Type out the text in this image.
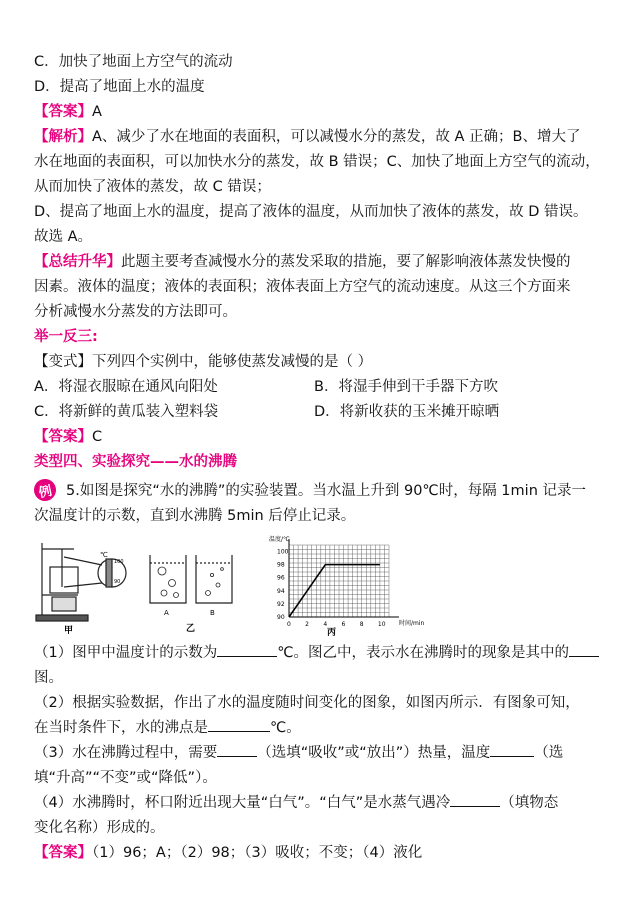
C．加快了地面上方空气的流动
D．提高了地面上水的温度
【答案】A
【解析】A、减少了水在地面的表面积，可以减慢水分的蒸发，故 A 正确；B、增大了
水在地面的表面积，可以加快水分的蒸发，故 B 错误；C、加快了地面上方空气的流动，
从而加快了液体的蒸发，故 C 错误；
D、提高了地面上水的温度，提高了液体的温度，从而加快了液体的蒸发，故 D 错误。
故选 A。
【总结升华】此题主要考查减慢水分的蒸发采取的措施，要了解影响液体蒸发快慢的
因素。液体的温度；液体的表面积；液体表面上方空气的流动速度。从这三个方面来
分析减慢水分蒸发的方法即可。
举一反三:
【变式】下列四个实例中，能够使蒸发减慢的是（ ）
A．将湿衣服晾在通风向阳处	B．将湿手伸到干手器下方吹
C．将新鲜的黄瓜装入塑料袋	D．将新收获的玉米摊开晾晒
【答案】C
类型四、实验探究——水的沸腾
例 5.如图是探究“水的沸腾”的实验装置。当水温上升到 90℃时，每隔 1min 记录一
次温度计的示数，直到水沸腾 5min 后停止记录。
℃
100
90
甲
A	B
乙
温度/℃
时间/min
丙
0 2 4 6 8 10
90
92
94
96
98
100
（1）图甲中温度计的示数为	℃。图乙中，表示水在沸腾时的现象是其中的
图。
（2）根据实验数据，作出了水的温度随时间变化的图象，如图丙所示．有图象可知，
在当时条件下，水的沸点是	℃。
（3）水在沸腾过程中，需要	（选填“吸收”或“放出”）热量，温度	（选
填“升高”“不变”或“降低”）。
（4）水沸腾时，杯口附近出现大量“白气”。“白气”是水蒸气遇冷	（填物态
变化名称）形成的。
【答案】（1）96；A；（2）98；（3）吸收；不变；（4）液化
